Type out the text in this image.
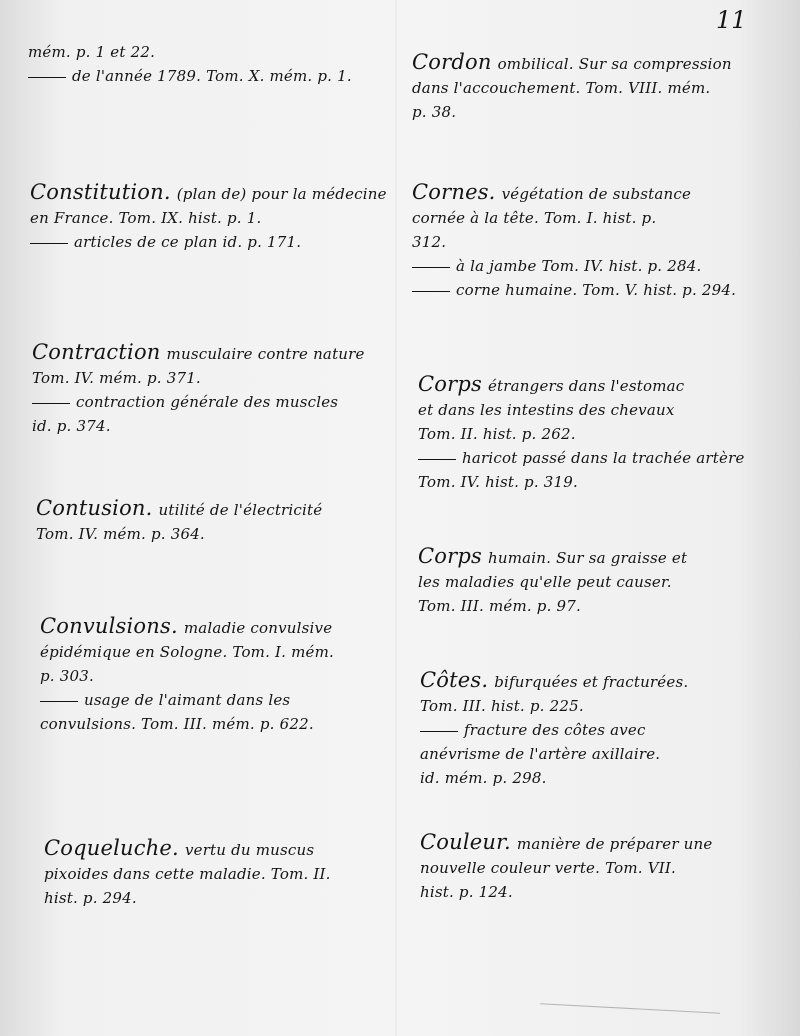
11
mém. p. 1 et 22.
de l'année 1789. Tom. X. mém. p. 1.
Constitution. (plan de) pour la médecine
en France. Tom. IX. hist. p. 1.
articles de ce plan id. p. 171.
Contraction musculaire contre nature
Tom. IV. mém. p. 371.
contraction générale des muscles
id. p. 374.
Contusion. utilité de l'électricité
Tom. IV. mém. p. 364.
Convulsions. maladie convulsive
épidémique en Sologne. Tom. I. mém.
p. 303.
usage de l'aimant dans les
convulsions. Tom. III. mém. p. 622.
Coqueluche. vertu du muscus
pixoides dans cette maladie. Tom. II.
hist. p. 294.
Cordon ombilical. Sur sa compression
dans l'accouchement. Tom. VIII. mém.
p. 38.
Cornes. végétation de substance
cornée à la tête. Tom. I. hist. p.
312.
à la jambe Tom. IV. hist. p. 284.
corne humaine. Tom. V. hist. p. 294.
Corps étrangers dans l'estomac
et dans les intestins des chevaux
Tom. II. hist. p. 262.
haricot passé dans la trachée artère
Tom. IV. hist. p. 319.
Corps humain. Sur sa graisse et
les maladies qu'elle peut causer.
Tom. III. mém. p. 97.
Côtes. bifurquées et fracturées.
Tom. III. hist. p. 225.
fracture des côtes avec
anévrisme de l'artère axillaire.
id. mém. p. 298.
Couleur. manière de préparer une
nouvelle couleur verte. Tom. VII.
hist. p. 124.
